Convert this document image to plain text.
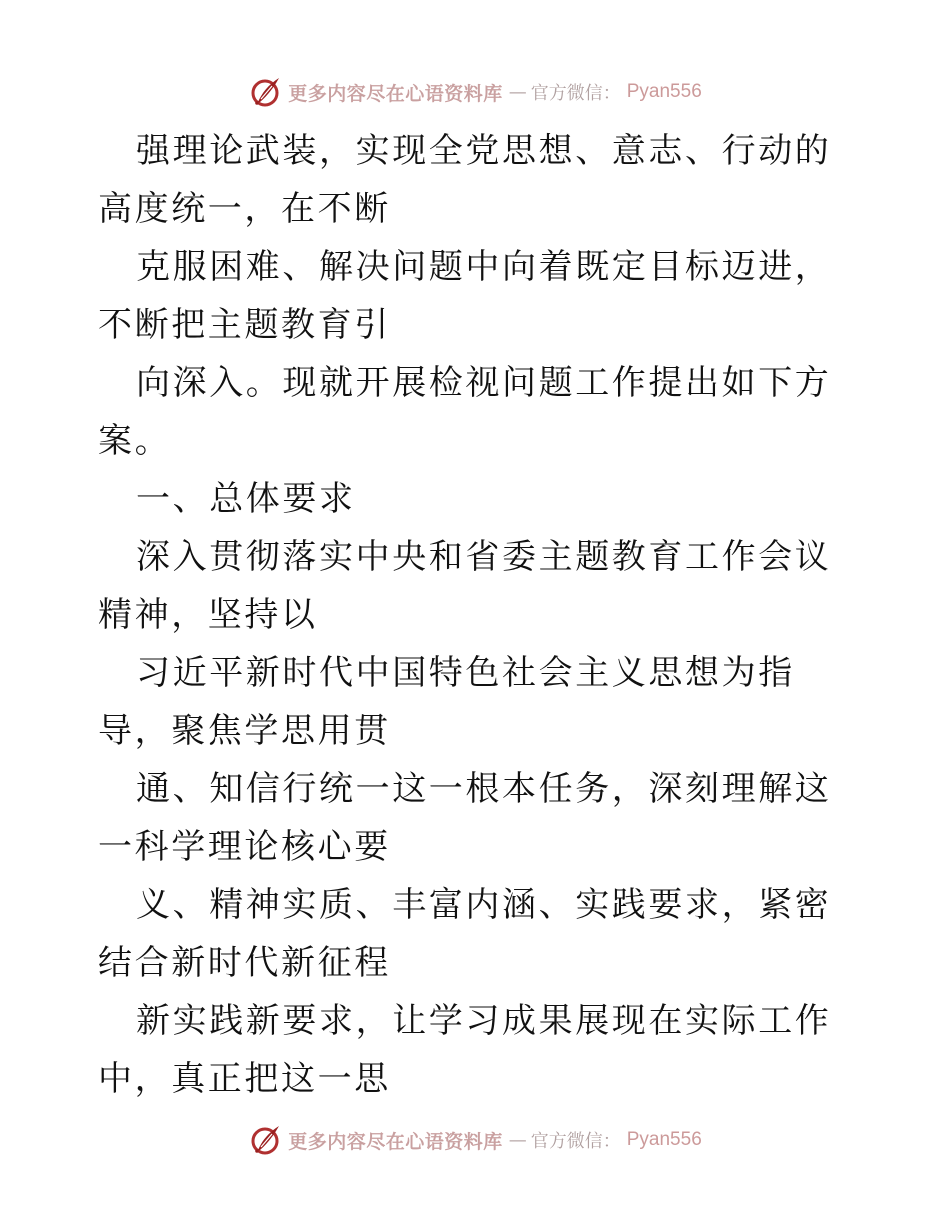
更多内容尽在心语资料库 — 官方微信： Pyan556

强理论武装，实现全党思想、意志、行动的高度统一，在不断

克服困难、解决问题中向着既定目标迈进，不断把主题教育引

向深入。现就开展检视问题工作提出如下方案。

一、总体要求

深入贯彻落实中央和省委主题教育工作会议精神，坚持以

习近平新时代中国特色社会主义思想为指导，聚焦学思用贯

通、知信行统一这一根本任务，深刻理解这一科学理论核心要

义、精神实质、丰富内涵、实践要求，紧密结合新时代新征程

新实践新要求，让学习成果展现在实际工作中，真正把这一思

更多内容尽在心语资料库 — 官方微信： Pyan556
